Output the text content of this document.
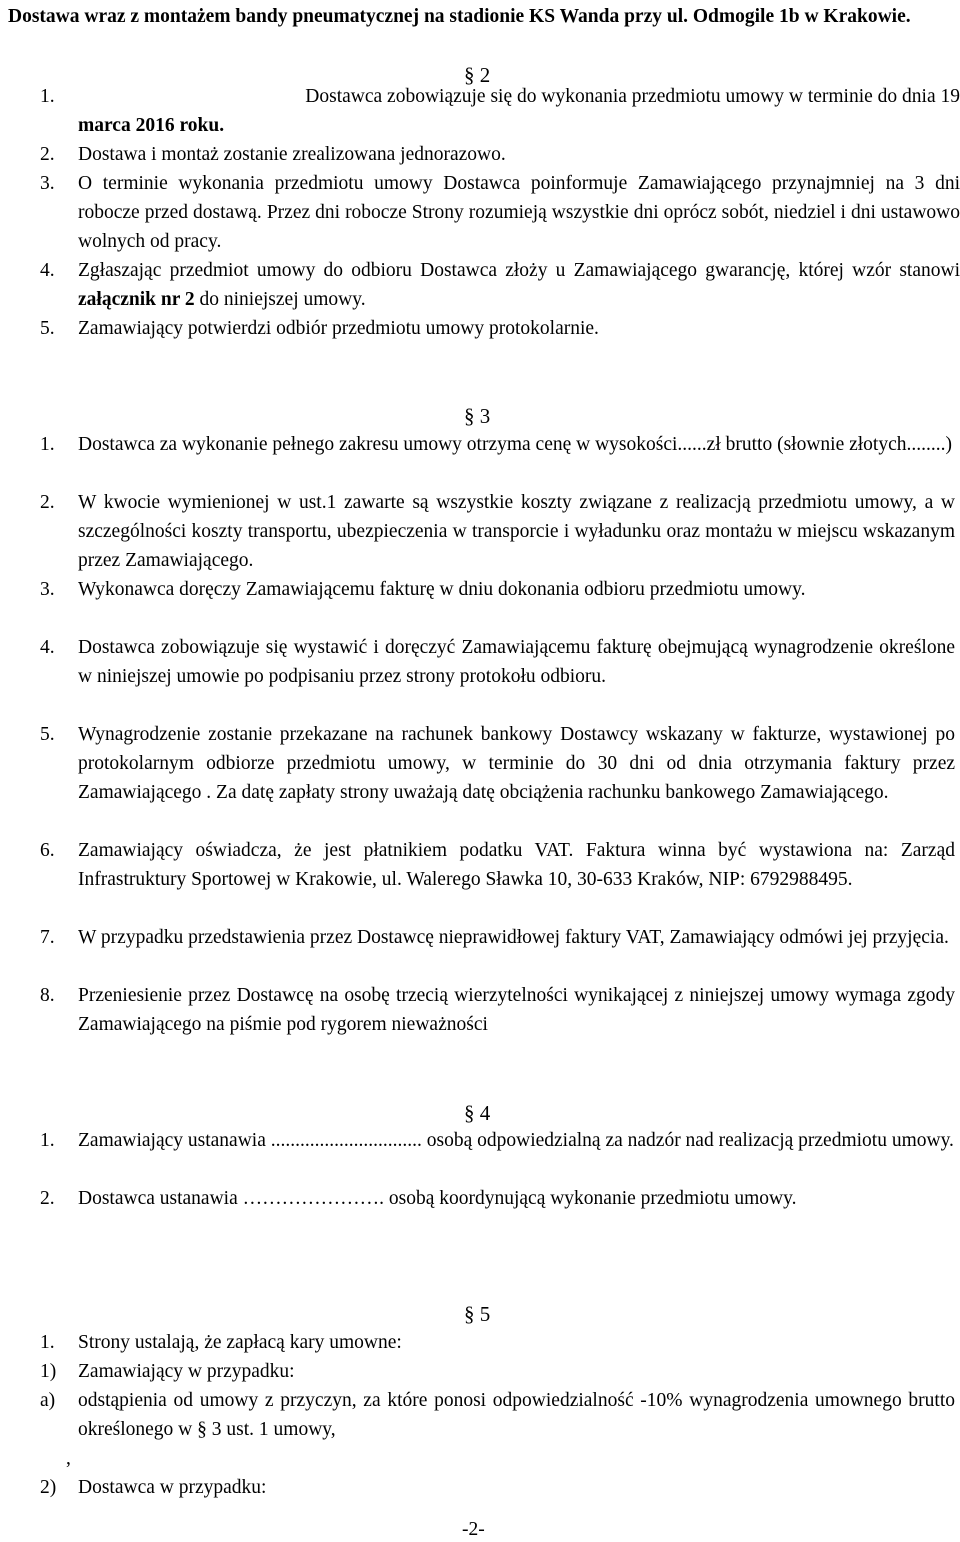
Dostawa wraz z montażem bandy pneumatycznej na stadionie KS Wanda przy ul. Odmogile 1b w Krakowie.
§ 2
1.	Dostawca zobowiązuje się do wykonania przedmiotu umowy w terminie do dnia 19
marca 2016 roku.
2. Dostawa i montaż zostanie zrealizowana jednorazowo.
3. O terminie wykonania przedmiotu umowy Dostawca poinformuje Zamawiającego przynajmniej na 3 dni robocze przed dostawą. Przez dni robocze Strony rozumieją wszystkie dni oprócz sobót, niedziel i dni ustawowo wolnych od pracy.
4. Zgłaszając przedmiot umowy do odbioru Dostawca złoży u Zamawiającego gwarancję, której wzór stanowi załącznik nr 2 do niniejszej umowy.
5. Zamawiający potwierdzi odbiór przedmiotu umowy protokolarnie.
§ 3
1. Dostawca za wykonanie pełnego zakresu umowy otrzyma cenę w wysokości......zł brutto (słownie złotych........)
2. W kwocie wymienionej w ust.1 zawarte są wszystkie koszty związane z realizacją przedmiotu umowy, a w szczególności koszty transportu, ubezpieczenia w transporcie i wyładunku oraz montażu w miejscu wskazanym przez Zamawiającego.
3. Wykonawca doręczy Zamawiającemu fakturę w dniu dokonania odbioru przedmiotu umowy.
4. Dostawca zobowiązuje się wystawić i doręczyć Zamawiającemu fakturę obejmującą wynagrodzenie określone w niniejszej umowie po podpisaniu przez strony protokołu odbioru.
5. Wynagrodzenie zostanie przekazane na rachunek bankowy Dostawcy wskazany w fakturze, wystawionej po protokolarnym odbiorze przedmiotu umowy, w terminie do 30 dni od dnia otrzymania faktury przez Zamawiającego . Za datę zapłaty strony uważają datę obciążenia rachunku bankowego Zamawiającego.
6. Zamawiający oświadcza, że jest płatnikiem podatku VAT. Faktura winna być wystawiona na: Zarząd Infrastruktury Sportowej w Krakowie, ul. Walerego Sławka 10, 30-633 Kraków, NIP: 6792988495.
7. W przypadku przedstawienia przez Dostawcę nieprawidłowej faktury VAT, Zamawiający odmówi jej przyjęcia.
8. Przeniesienie przez Dostawcę na osobę trzecią wierzytelności wynikającej z niniejszej umowy wymaga zgody Zamawiającego na piśmie pod rygorem nieważności
§ 4
1. Zamawiający ustanawia ............................... osobą odpowiedzialną za nadzór nad realizacją przedmiotu umowy.
2. Dostawca ustanawia …………………. osobą koordynującą wykonanie przedmiotu umowy.
§ 5
1. Strony ustalają, że zapłacą kary umowne:
1) Zamawiający w przypadku:
a) odstąpienia od umowy z przyczyn, za które ponosi odpowiedzialność -10% wynagrodzenia umownego brutto określonego w § 3 ust. 1 umowy,
,
2) Dostawca w przypadku:
-2-
